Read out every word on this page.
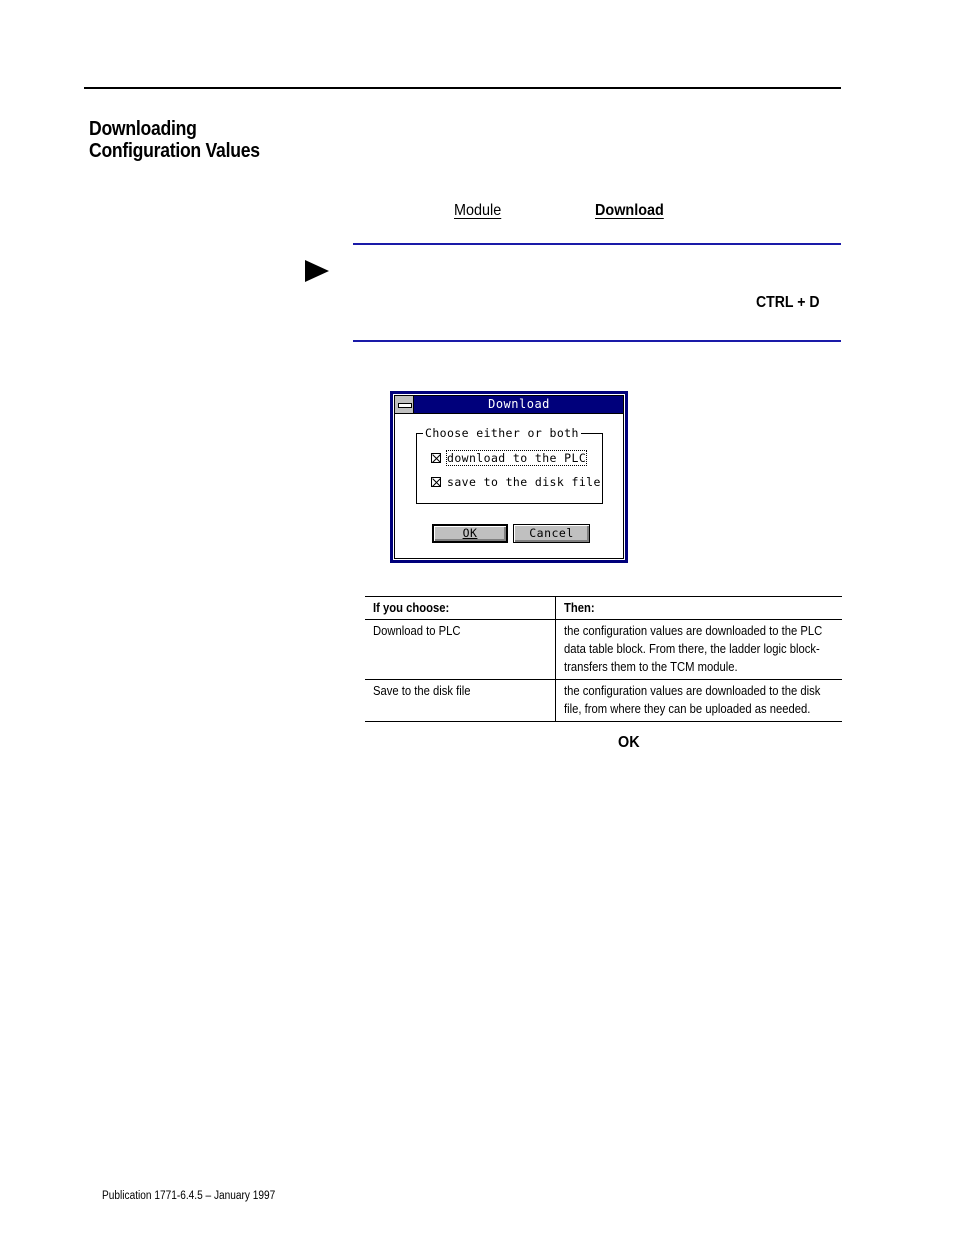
Downloading
Configuration Values
Module	Download
CTRL + D
Download
Choose either or both
download to the PLC
save to the disk file
OK	Cancel
If you choose:	Then:
Download to PLC	the configuration values are downloaded to the PLC data table block. From there, the ladder logic block-transfers them to the TCM module.
Save to the disk file	the configuration values are downloaded to the disk file, from where they can be uploaded as needed.
OK
Publication 1771-6.4.5 – January 1997
